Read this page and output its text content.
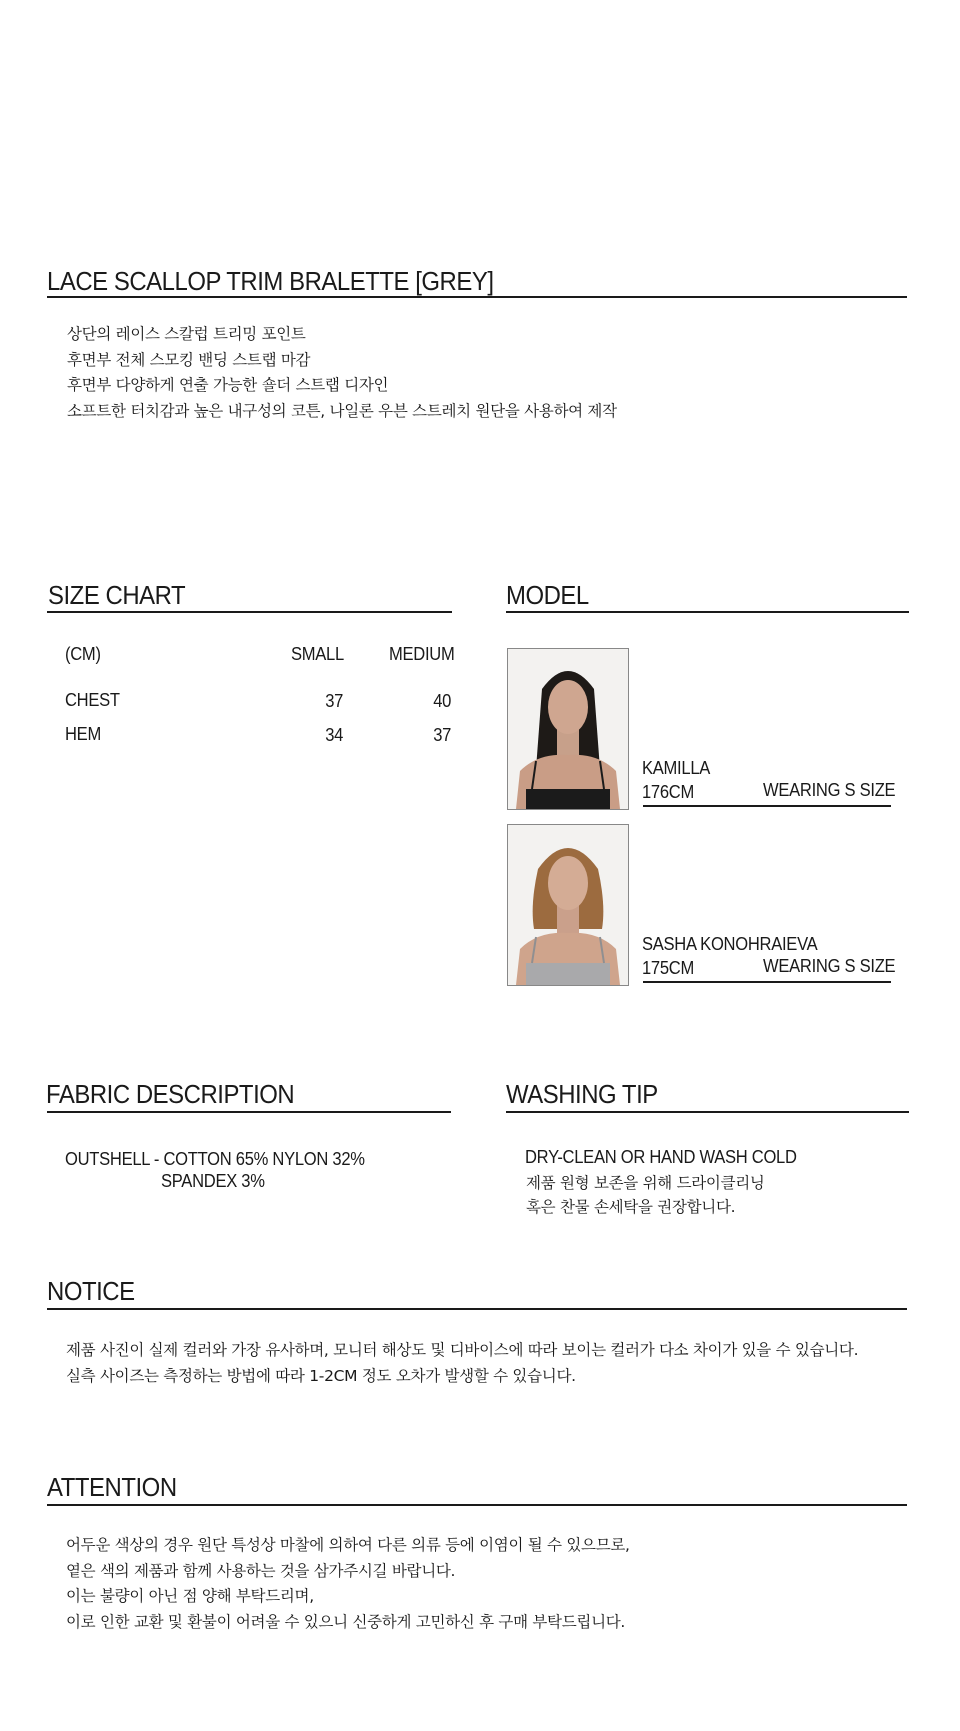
LACE SCALLOP TRIM BRALETTE [GREY]
상단의 레이스 스칼럽 트리밍 포인트
후면부 전체 스모킹 밴딩 스트랩 마감
후면부 다양하게 연출 가능한 숄더 스트랩 디자인
소프트한 터치감과 높은 내구성의 코튼, 나일론 우븐 스트레치 원단을 사용하여 제작
SIZE CHART
(CM)	SMALL	MEDIUM
CHEST	37	40
HEM	34	37
MODEL
KAMILLA
176CM	WEARING S SIZE
SASHA KONOHRAIEVA
175CM	WEARING S SIZE
FABRIC DESCRIPTION
OUTSHELL - COTTON 65% NYLON 32%
SPANDEX 3%
WASHING TIP
DRY-CLEAN OR HAND WASH COLD
제품 원형 보존을 위해 드라이클리닝
혹은 찬물 손세탁을 권장합니다.
NOTICE
제품 사진이 실제 컬러와 가장 유사하며, 모니터 해상도 및 디바이스에 따라 보이는 컬러가 다소 차이가 있을 수 있습니다.
실측 사이즈는 측정하는 방법에 따라 1-2CM 정도 오차가 발생할 수 있습니다.
ATTENTION
어두운 색상의 경우 원단 특성상 마찰에 의하여 다른 의류 등에 이염이 될 수 있으므로,
옅은 색의 제품과 함께 사용하는 것을 삼가주시길 바랍니다.
이는 불량이 아닌 점 양해 부탁드리며,
이로 인한 교환 및 환불이 어려울 수 있으니 신중하게 고민하신 후 구매 부탁드립니다.
